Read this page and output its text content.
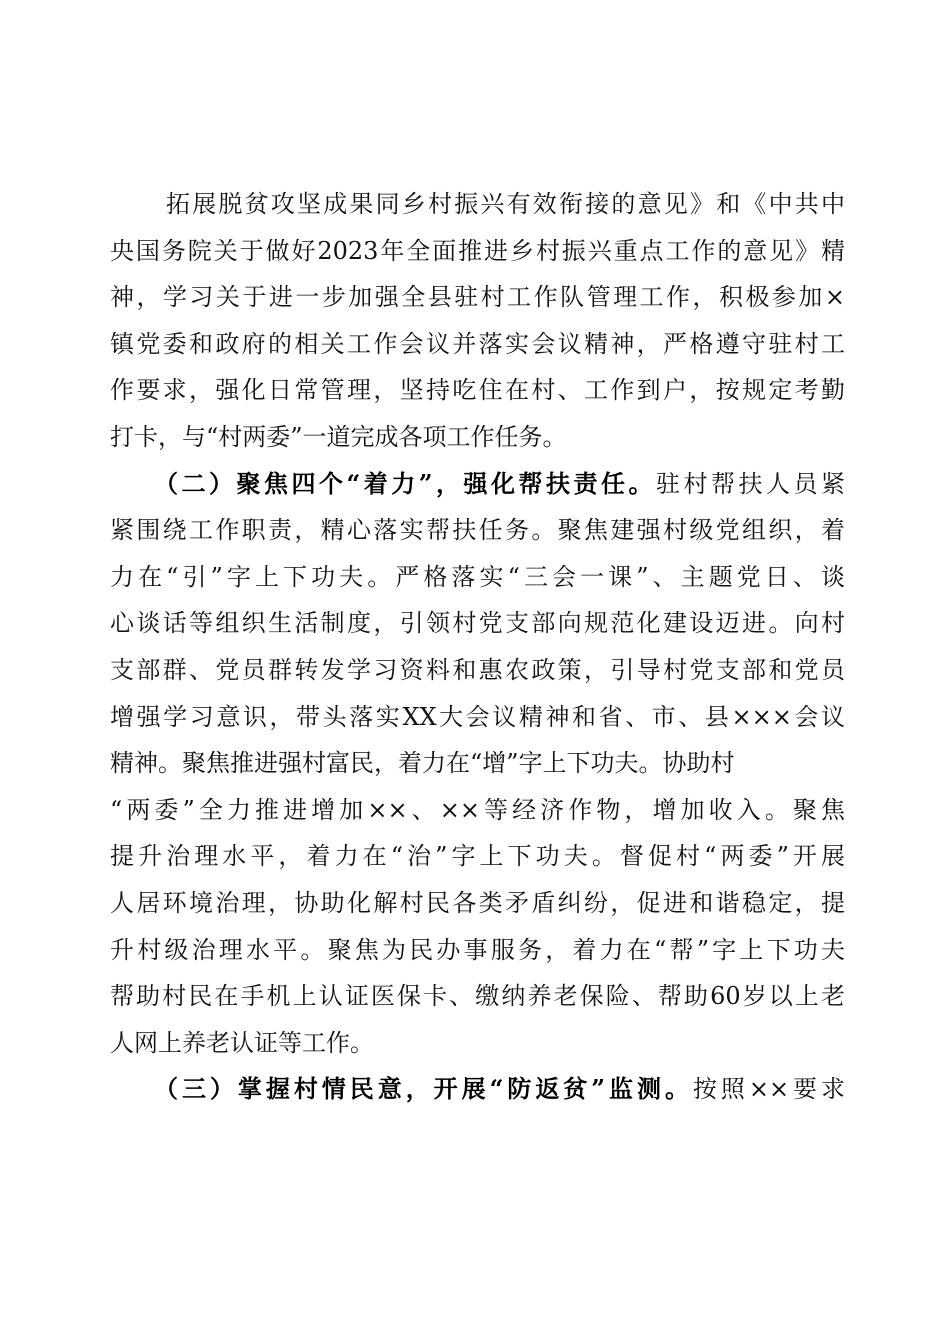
拓展脱贫攻坚成果同乡村振兴有效衔接的意见》和《中共中
央国务院关于做好2023年全面推进乡村振兴重点工作的意见》精
神，学习关于进一步加强全县驻村工作队管理工作，积极参加×
镇党委和政府的相关工作会议并落实会议精神，严格遵守驻村工
作要求，强化日常管理，坚持吃住在村、工作到户，按规定考勤
打卡，与“村两委”一道完成各项工作任务。
（二）聚焦四个“着力”，强化帮扶责任。驻村帮扶人员紧
紧围绕工作职责，精心落实帮扶任务。聚焦建强村级党组织，着
力在“引”字上下功夫。严格落实“三会一课”、主题党日、谈
心谈话等组织生活制度，引领村党支部向规范化建设迈进。向村
支部群、党员群转发学习资料和惠农政策，引导村党支部和党员
增强学习意识，带头落实XX大会议精神和省、市、县×××会议
精神。聚焦推进强村富民，着力在“增”字上下功夫。协助村
“两委”全力推进增加××、××等经济作物，增加收入。聚焦
提升治理水平，着力在“治”字上下功夫。督促村“两委”开展
人居环境治理，协助化解村民各类矛盾纠纷，促进和谐稳定，提
升村级治理水平。聚焦为民办事服务，着力在“帮”字上下功夫
帮助村民在手机上认证医保卡、缴纳养老保险、帮助60岁以上老
人网上养老认证等工作。
（三）掌握村情民意，开展“防返贫”监测。按照××要求
